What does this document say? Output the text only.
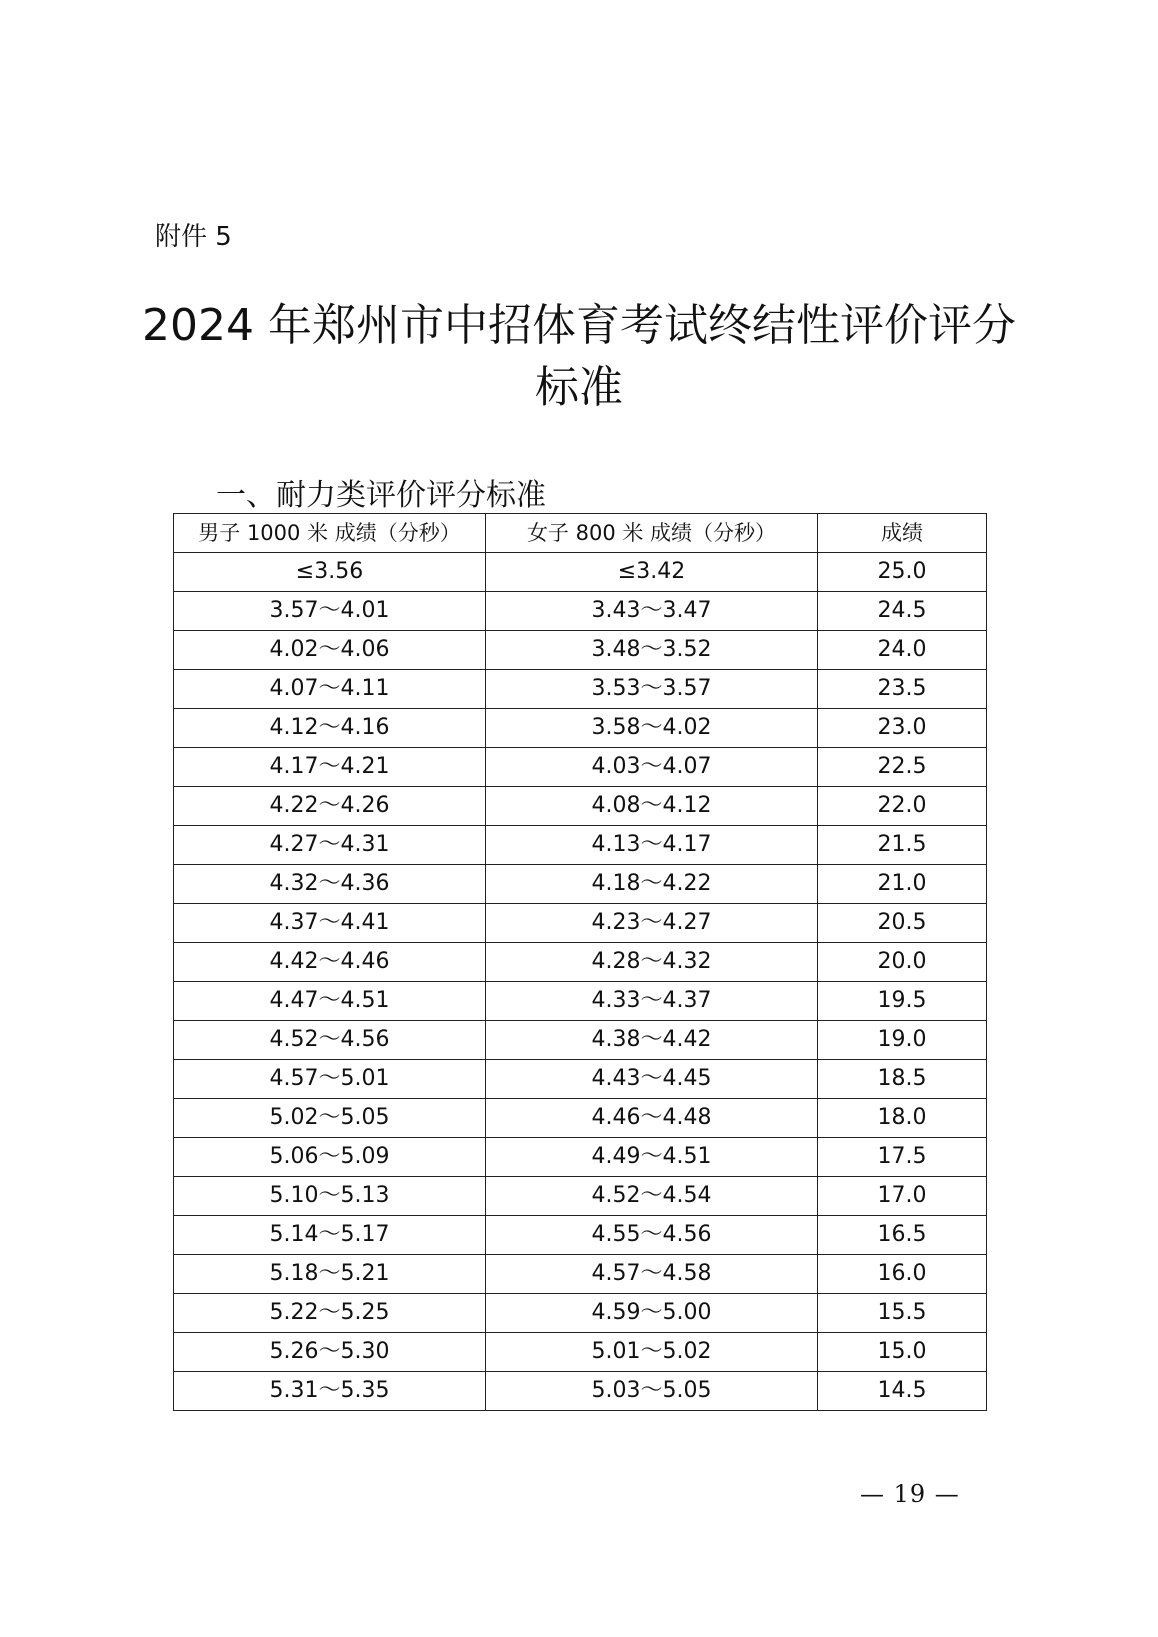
附件 5
2024 年郑州市中招体育考试终结性评价评分
标准
一、耐力类评价评分标准
男子 1000 米 成绩（分秒）	女子 800 米 成绩（分秒）	成绩
≤3.56	≤3.42	25.0
3.57～4.01	3.43～3.47	24.5
4.02～4.06	3.48～3.52	24.0
4.07～4.11	3.53～3.57	23.5
4.12～4.16	3.58～4.02	23.0
4.17～4.21	4.03～4.07	22.5
4.22～4.26	4.08～4.12	22.0
4.27～4.31	4.13～4.17	21.5
4.32～4.36	4.18～4.22	21.0
4.37～4.41	4.23～4.27	20.5
4.42～4.46	4.28～4.32	20.0
4.47～4.51	4.33～4.37	19.5
4.52～4.56	4.38～4.42	19.0
4.57～5.01	4.43～4.45	18.5
5.02～5.05	4.46～4.48	18.0
5.06～5.09	4.49～4.51	17.5
5.10～5.13	4.52～4.54	17.0
5.14～5.17	4.55～4.56	16.5
5.18～5.21	4.57～4.58	16.0
5.22～5.25	4.59～5.00	15.5
5.26～5.30	5.01～5.02	15.0
5.31～5.35	5.03～5.05	14.5
— 19 —
